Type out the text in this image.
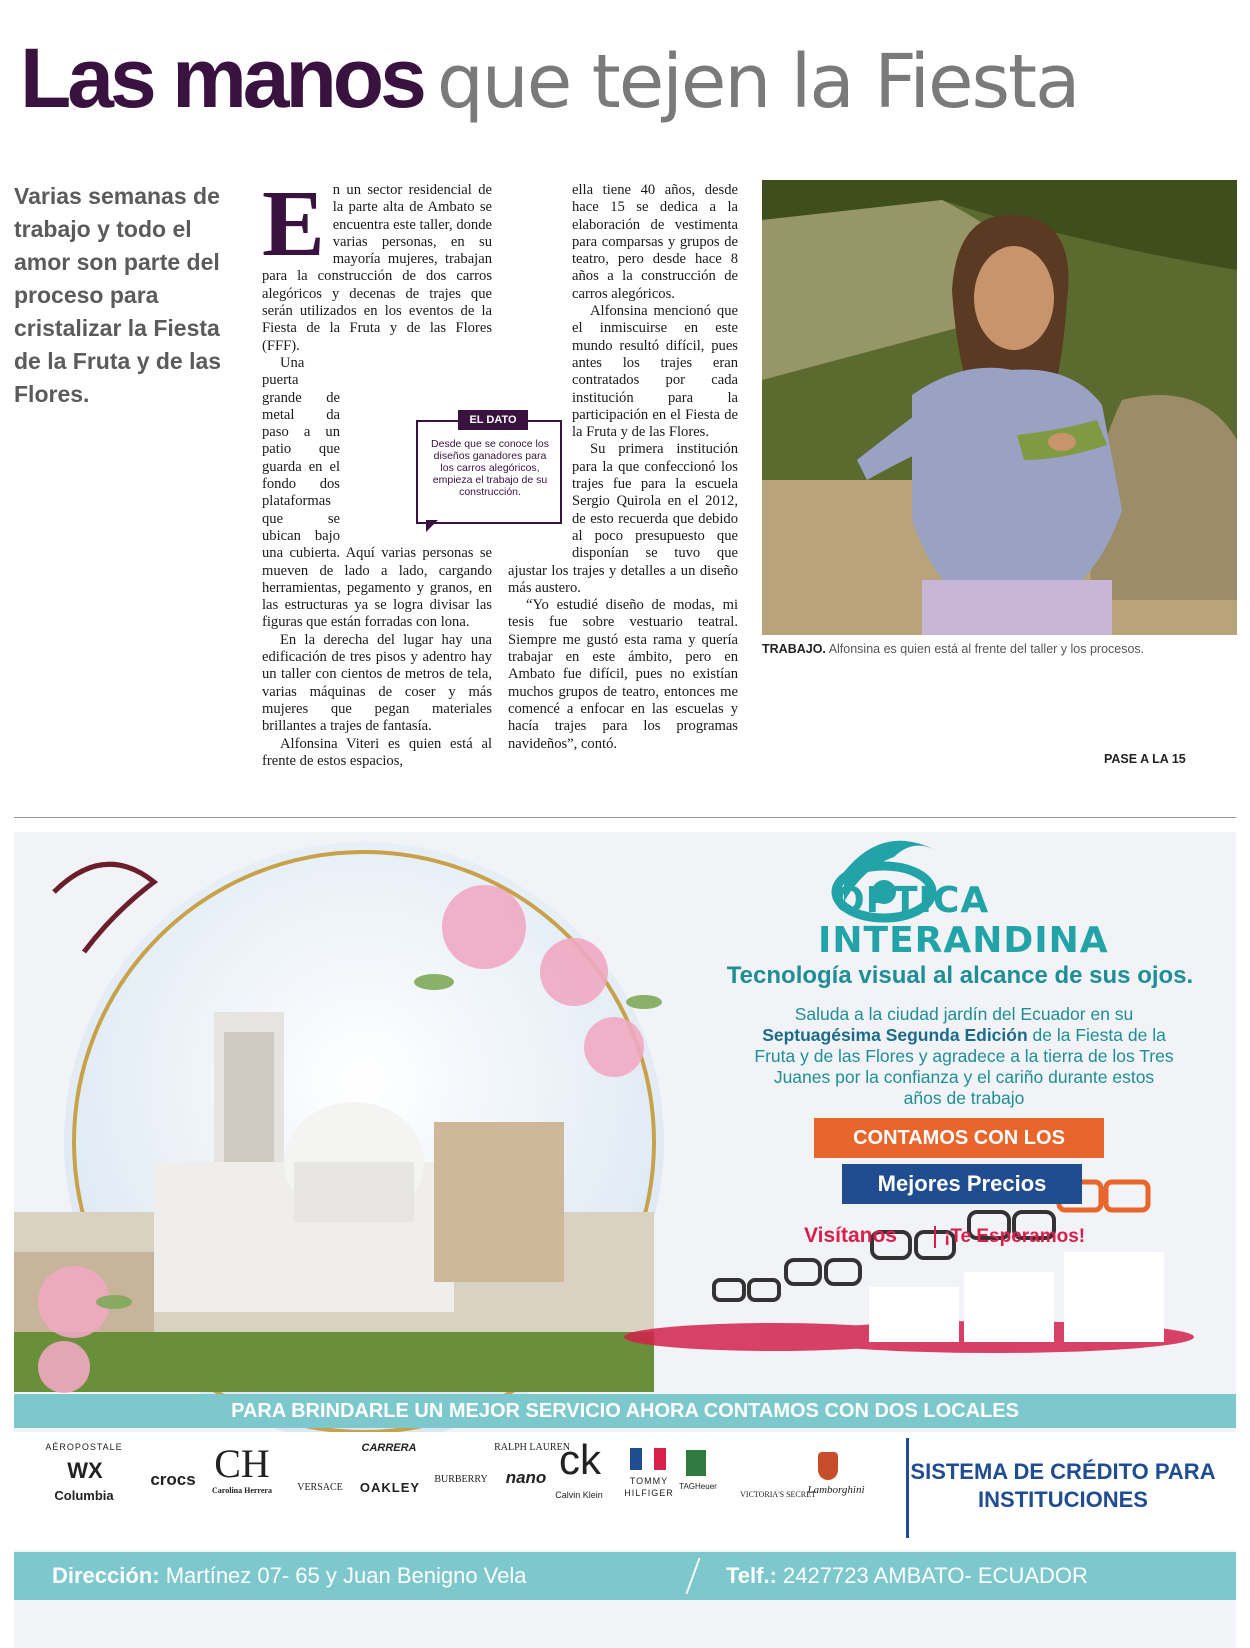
Las manos que tejen la Fiesta
Varias semanas de trabajo y todo el amor son parte del proceso para cristalizar la Fiesta de la Fruta y de las Flores.
E n un sector residencial de la parte alta de Ambato se encuentra este taller, donde varias personas, en su mayoría mujeres, trabajan para la construcción de dos carros alegóricos y decenas de trajes que serán utilizados en los eventos de la Fiesta de la Fruta y de las Flores (FFF).

Una puerta grande de metal da paso a un patio que guarda en el fondo dos plataformas que se ubican bajo una cubierta. Aquí varias personas se mueven de lado a lado, cargando herramientas, pegamento y granos, en las estructuras ya se logra divisar las figuras que están forradas con lona.

En la derecha del lugar hay una edificación de tres pisos y adentro hay un taller con cientos de metros de tela, varias máquinas de coser y más mujeres que pegan materiales brillantes a trajes de fantasía.

Alfonsina Viteri es quien está al frente de estos espacios,

ella tiene 40 años, desde hace 15 se dedica a la elaboración de vestimenta para comparsas y grupos de teatro, pero desde hace 8 años a la construcción de carros alegóricos.

Alfonsina mencionó que el inmiscuirse en este mundo resultó difícil, pues antes los trajes eran contratados por cada institución para la participación en el Fiesta de la Fruta y de las Flores.

Su primera institución para la que confeccionó los trajes fue para la escuela Sergio Quirola en el 2012, de esto recuerda que debido al poco presupuesto que disponían se tuvo que ajustar los trajes y detalles a un diseño más austero.

“Yo estudié diseño de modas, mi tesis fue sobre vestuario teatral. Siempre me gustó esta rama y quería trabajar en este ámbito, pero en Ambato fue difícil, pues no existían muchos grupos de teatro, entonces me comencé a enfocar en las escuelas y hacía trajes para los programas navideños”, contó.

EL DATO
Desde que se conoce los diseños ganadores para los carros alegóricos, empieza el trabajo de su construcción.
TRABAJO. Alfonsina es quien está al frente del taller y los procesos.
PASE A LA 15
ÓPTICA
INTERANDINA
Tecnología visual al alcance de sus ojos.
Saluda a la ciudad jardín del Ecuador en su Septuagésima Segunda Edición de la Fiesta de la Fruta y de las Flores y agradece a la tierra de los Tres Juanes por la confianza y el cariño durante estos años de trabajo
CONTAMOS CON LOS
Mejores Precios
Visítanos	¡Te Esperamos!
PARA BRINDARLE UN MEJOR SERVICIO AHORA CONTAMOS CON DOS LOCALES
AÉROPOSTALE
WX
Columbia
crocs CH
Carolina Herrera	VERSACE
CARRERA
OAKLEY
BURBERRY
RALPH LAUREN
nano ck
Calvin Klein
TOMMY
HILFIGER
TAGHeuer
VICTORIA'S SECRET
Lamborghini
SISTEMA DE CRÉDITO PARA INSTITUCIONES
Dirección: Martínez 07- 65 y Juan Benigno Vela	Telf.: 2427723 AMBATO- ECUADOR
